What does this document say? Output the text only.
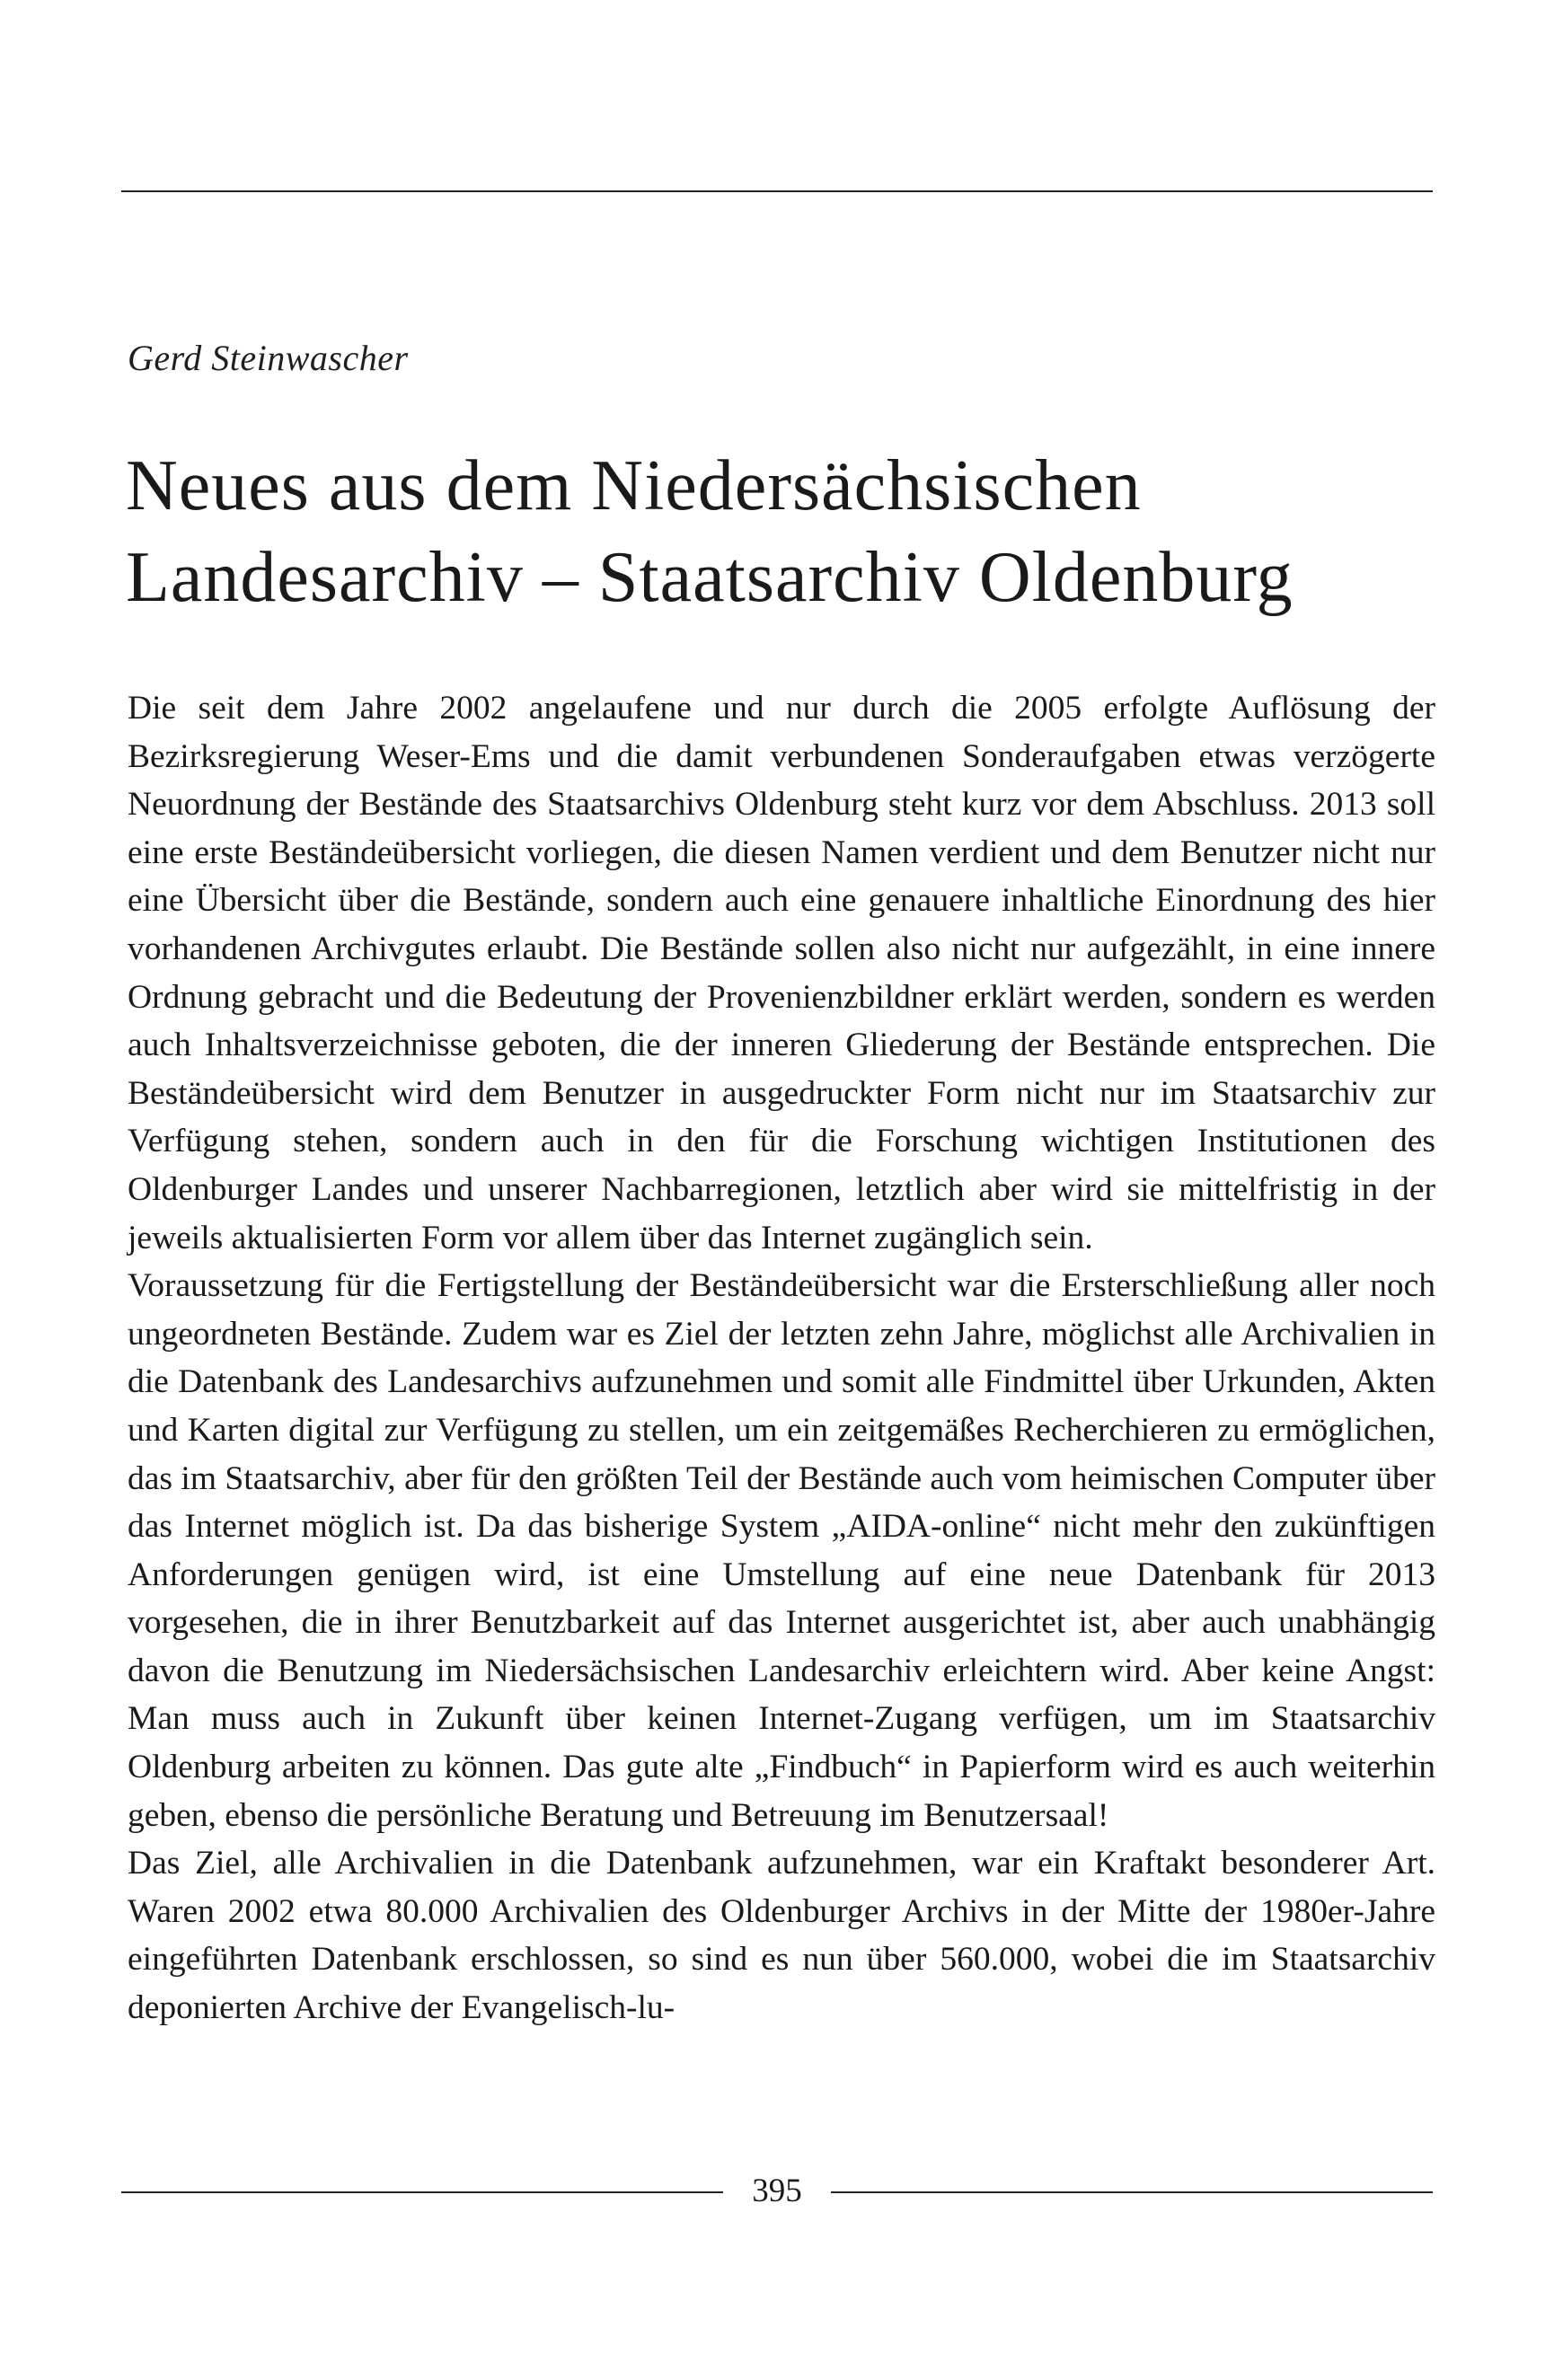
Gerd Steinwascher
Neues aus dem Niedersächsischen
Landesarchiv – Staatsarchiv Oldenburg

Die seit dem Jahre 2002 angelaufene und nur durch die 2005 erfolgte Auflösung der Bezirksregierung Weser-Ems und die damit verbundenen Sonderaufgaben etwas verzögerte Neuordnung der Bestände des Staatsarchivs Oldenburg steht kurz vor dem Abschluss. 2013 soll eine erste Beständeübersicht vorliegen, die diesen Namen verdient und dem Benutzer nicht nur eine Übersicht über die Bestände, sondern auch eine genauere inhaltliche Einordnung des hier vorhandenen Archivgutes erlaubt. Die Bestände sollen also nicht nur aufgezählt, in eine innere Ordnung gebracht und die Bedeutung der Provenienzbildner erklärt werden, sondern es werden auch Inhaltsverzeichnisse geboten, die der inneren Gliederung der Bestände entsprechen. Die Beständeübersicht wird dem Benutzer in ausgedruckter Form nicht nur im Staatsarchiv zur Verfügung stehen, sondern auch in den für die Forschung wichtigen Institutionen des Oldenburger Landes und unserer Nachbarregionen, letztlich aber wird sie mittelfristig in der jeweils aktualisierten Form vor allem über das Internet zugänglich sein.

Voraussetzung für die Fertigstellung der Beständeübersicht war die Ersterschließung aller noch ungeordneten Bestände. Zudem war es Ziel der letzten zehn Jahre, möglichst alle Archivalien in die Datenbank des Landesarchivs aufzunehmen und somit alle Findmittel über Urkunden, Akten und Karten digital zur Verfügung zu stellen, um ein zeitgemäßes Recherchieren zu ermöglichen, das im Staatsarchiv, aber für den größten Teil der Bestände auch vom heimischen Computer über das Internet möglich ist. Da das bisherige System „AIDA-online“ nicht mehr den zukünftigen Anforderungen genügen wird, ist eine Umstellung auf eine neue Datenbank für 2013 vorgesehen, die in ihrer Benutzbarkeit auf das Internet ausgerichtet ist, aber auch unabhängig davon die Benutzung im Niedersächsischen Landesarchiv erleichtern wird. Aber keine Angst: Man muss auch in Zukunft über keinen Internet-Zugang verfügen, um im Staatsarchiv Oldenburg arbeiten zu können. Das gute alte „Findbuch“ in Papierform wird es auch weiterhin geben, ebenso die persönliche Beratung und Betreuung im Benutzersaal!

Das Ziel, alle Archivalien in die Datenbank aufzunehmen, war ein Kraftakt besonderer Art. Waren 2002 etwa 80.000 Archivalien des Oldenburger Archivs in der Mitte der 1980er-Jahre eingeführten Datenbank erschlossen, so sind es nun über 560.000, wobei die im Staatsarchiv deponierten Archive der Evangelisch-lu-

395
